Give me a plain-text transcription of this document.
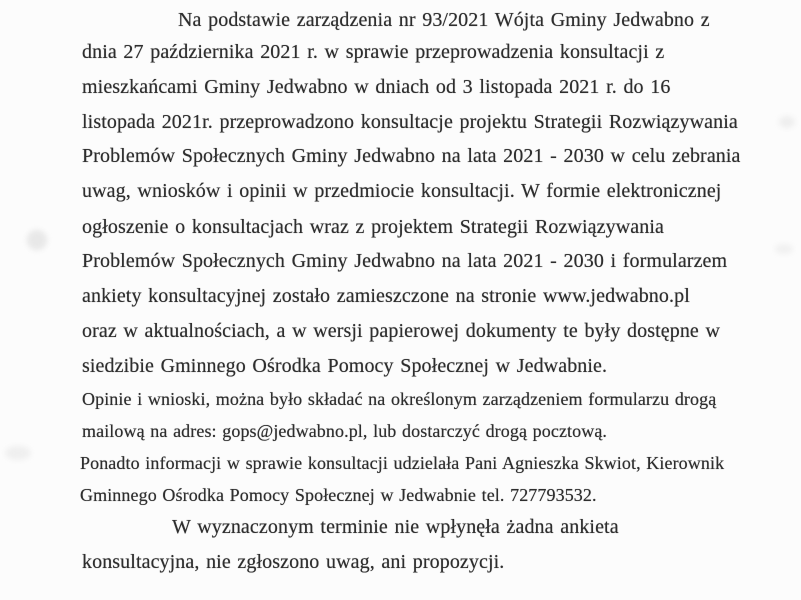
Na podstawie zarządzenia nr 93/2021 Wójta Gminy Jedwabno z
dnia 27 października 2021 r. w sprawie przeprowadzenia konsultacji z
mieszkańcami Gminy Jedwabno w dniach od 3 listopada 2021 r. do 16
listopada 2021r. przeprowadzono konsultacje projektu Strategii Rozwiązywania
Problemów Społecznych Gminy Jedwabno na lata 2021 - 2030 w celu zebrania
uwag, wniosków i opinii w przedmiocie konsultacji. W formie elektronicznej
ogłoszenie o konsultacjach wraz z projektem Strategii Rozwiązywania
Problemów Społecznych Gminy Jedwabno na lata 2021 - 2030 i formularzem
ankiety konsultacyjnej zostało zamieszczone na stronie www.jedwabno.pl
oraz w aktualnościach, a w wersji papierowej dokumenty te były dostępne w
siedzibie Gminnego Ośrodka Pomocy Społecznej w Jedwabnie.
Opinie i wnioski, można było składać na określonym zarządzeniem formularzu drogą
mailową na adres: gops@jedwabno.pl, lub dostarczyć drogą pocztową.
Ponadto informacji w sprawie konsultacji udzielała Pani Agnieszka Skwiot, Kierownik
Gminnego Ośrodka Pomocy Społecznej w Jedwabnie tel. 727793532.
W wyznaczonym terminie nie wpłynęła żadna ankieta
konsultacyjna, nie zgłoszono uwag, ani propozycji.
